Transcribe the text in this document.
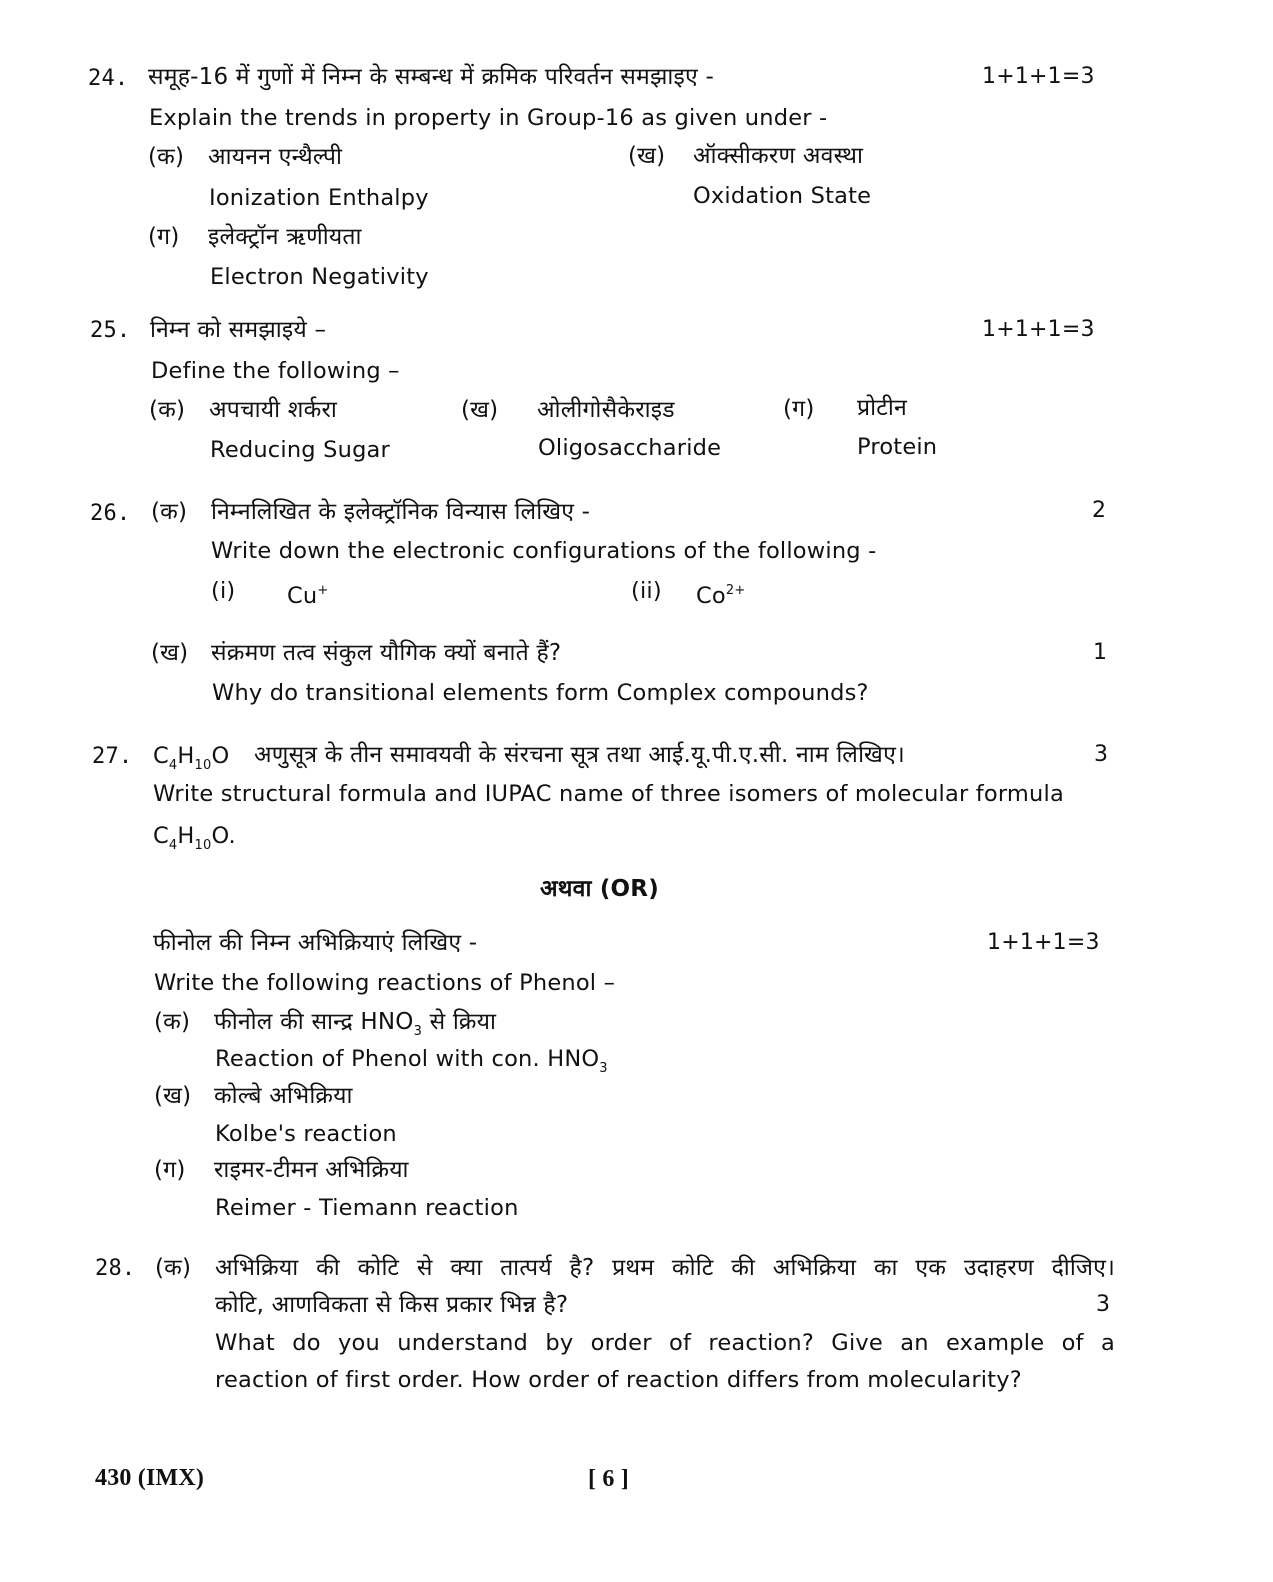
24. समूह-16 में गुणों में निम्न के सम्बन्ध में क्रमिक परिवर्तन समझाइए -	1+1+1=3
Explain the trends in property in Group-16 as given under -
(क) आयनन एन्थैल्पी
Ionization Enthalpy
(ख) ऑक्सीकरण अवस्था
Oxidation State
(ग) इलेक्ट्रॉन ऋणीयता
Electron Negativity
25. निम्न को समझाइये –	1+1+1=3
Define the following –
(क) अपचायी शर्करा
Reducing Sugar
(ख) ओलीगोसैकेराइड
Oligosaccharide
(ग) प्रोटीन
Protein
26. (क) निम्नलिखित के इलेक्ट्रॉनिक विन्यास लिखिए -	2
Write down the electronic configurations of the following -
(i) Cu+	(ii) $Co^{2+}$
(ख) संक्रमण तत्व संकुल यौगिक क्यों बनाते हैं?	1
Why do transitional elements form Complex compounds?
27. $C_4H_{10}O$ अणुसूत्र के तीन समावयवी के संरचना सूत्र तथा आई.यू.पी.ए.सी. नाम लिखिए।	3
Write structural formula and IUPAC name of three isomers of molecular formula
$C_4H_{10}O$.
अथवा (OR)
फीनोल की निम्न अभिक्रियाएं लिखिए -	1+1+1=3
Write the following reactions of Phenol –
(क) फीनोल की सान्द्र $HNO_3$ से क्रिया
Reaction of Phenol with con. $HNO_3$
(ख) कोल्बे अभिक्रिया
Kolbe's reaction
(ग) राइमर-टीमन अभिक्रिया
Reimer - Tiemann reaction
28. (क) अभिक्रिया की कोटि से क्या तात्पर्य है? प्रथम कोटि की अभिक्रिया का एक उदाहरण दीजिए।
कोटि, आणविकता से किस प्रकार भिन्न है?	3
What do you understand by order of reaction? Give an example of a
reaction of first order. How order of reaction differs from molecularity?
430 (IMX)	[ 6 ]
